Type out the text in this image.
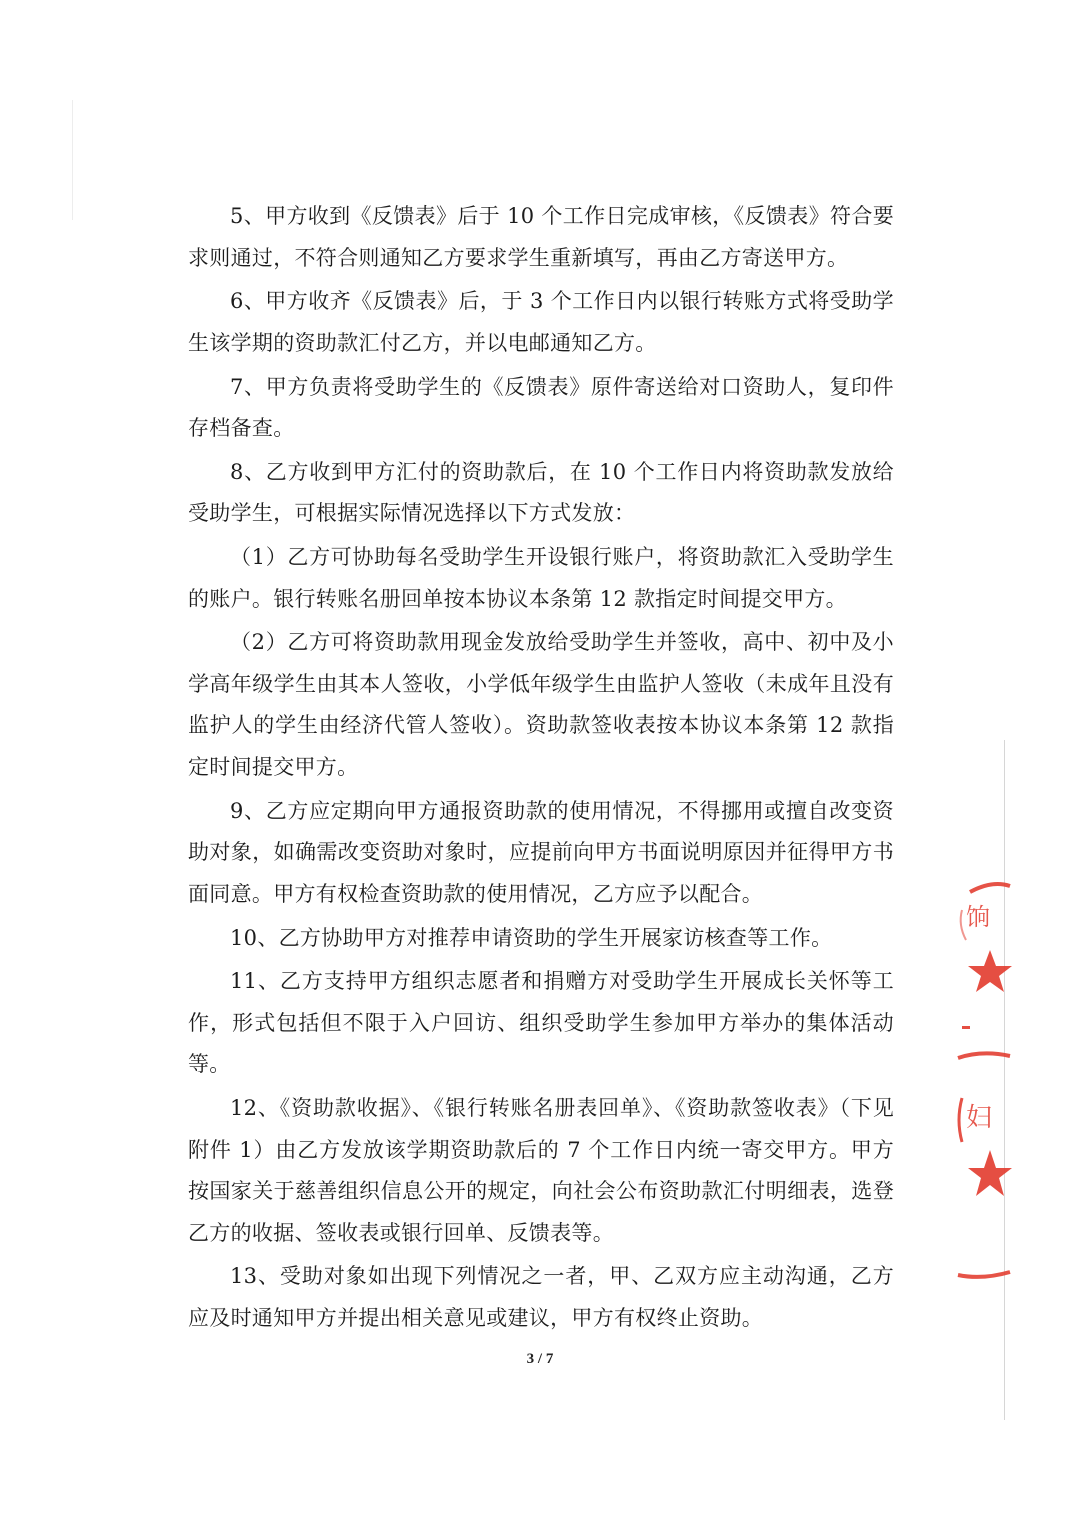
5、甲方收到《反馈表》后于 10 个工作日完成审核，《反馈表》符合要求则通过，不符合则通知乙方要求学生重新填写，再由乙方寄送甲方。

6、甲方收齐《反馈表》后，于 3 个工作日内以银行转账方式将受助学生该学期的资助款汇付乙方，并以电邮通知乙方。

7、甲方负责将受助学生的《反馈表》原件寄送给对口资助人，复印件存档备查。

8、乙方收到甲方汇付的资助款后，在 10 个工作日内将资助款发放给受助学生，可根据实际情况选择以下方式发放：

（1）乙方可协助每名受助学生开设银行账户，将资助款汇入受助学生的账户。银行转账名册回单按本协议本条第 12 款指定时间提交甲方。

（2）乙方可将资助款用现金发放给受助学生并签收，高中、初中及小学高年级学生由其本人签收，小学低年级学生由监护人签收（未成年且没有监护人的学生由经济代管人签收）。资助款签收表按本协议本条第 12 款指定时间提交甲方。

9、乙方应定期向甲方通报资助款的使用情况，不得挪用或擅自改变资助对象，如确需改变资助对象时，应提前向甲方书面说明原因并征得甲方书面同意。甲方有权检查资助款的使用情况，乙方应予以配合。

10、乙方协助甲方对推荐申请资助的学生开展家访核查等工作。

11、乙方支持甲方组织志愿者和捐赠方对受助学生开展成长关怀等工作，形式包括但不限于入户回访、组织受助学生参加甲方举办的集体活动等。

12、《资助款收据》、《银行转账名册表回单》、《资助款签收表》（下见附件 1）由乙方发放该学期资助款后的 7 个工作日内统一寄交甲方。甲方按国家关于慈善组织信息公开的规定，向社会公布资助款汇付明细表，选登乙方的收据、签收表或银行回单、反馈表等。

13、受助对象如出现下列情况之一者，甲、乙双方应主动沟通，乙方应及时通知甲方并提出相关意见或建议，甲方有权终止资助。

3 / 7
饷
妇
